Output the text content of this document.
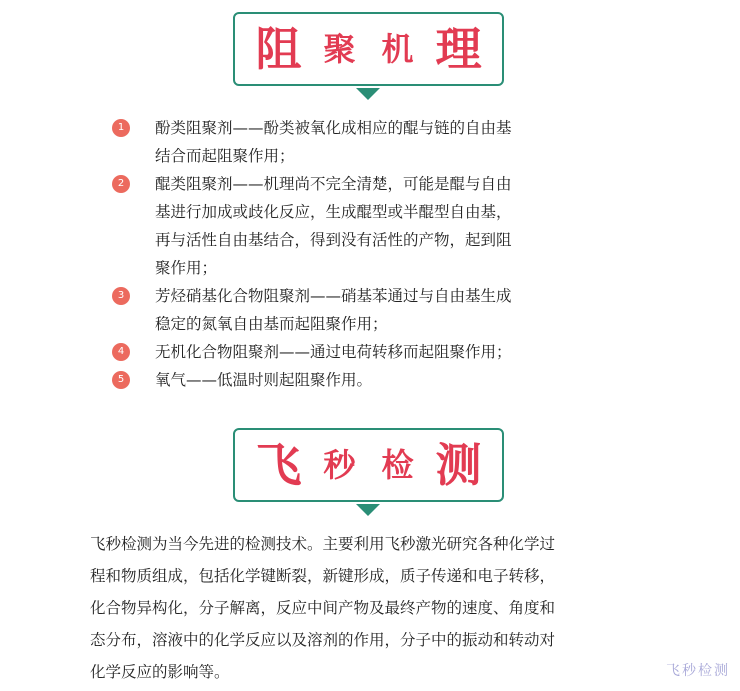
阻 聚 机 理
1	酚类阻聚剂——酚类被氧化成相应的醌与链的自由基
结合而起阻聚作用；
2	醌类阻聚剂——机理尚不完全清楚，可能是醌与自由
基进行加成或歧化反应，生成醌型或半醌型自由基，
再与活性自由基结合，得到没有活性的产物，起到阻
聚作用；
3	芳烃硝基化合物阻聚剂——硝基苯通过与自由基生成
稳定的氮氧自由基而起阻聚作用；
4	无机化合物阻聚剂——通过电荷转移而起阻聚作用；
5	氧气——低温时则起阻聚作用。
飞 秒 检 测
飞秒检测为当今先进的检测技术。主要利用飞秒激光研究各种化学过
程和物质组成，包括化学键断裂，新键形成，质子传递和电子转移，
化合物异构化，分子解离，反应中间产物及最终产物的速度、角度和
态分布，溶液中的化学反应以及溶剂的作用，分子中的振动和转动对
化学反应的影响等。	飞秒检测
